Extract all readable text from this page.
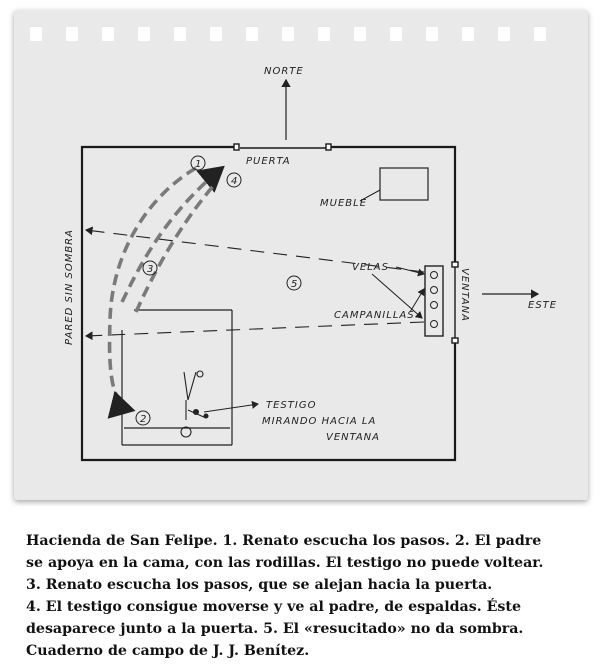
NORTE
ESTE
PUERTA
VENTANA
PARED SIN SOMBRA
MUEBLE
VELAS
CAMPANILLAS
TESTIGO
MIRANDO HACIA LA
VENTANA
1
2
3
4
5

Hacienda de San Felipe. 1. Renato escucha los pasos. 2. El padre

se apoya en la cama, con las rodillas. El testigo no puede voltear.

3. Renato escucha los pasos, que se alejan hacia la puerta.

4. El testigo consigue moverse y ve al padre, de espaldas. Éste

desaparece junto a la puerta. 5. El «resucitado» no da sombra.

Cuaderno de campo de J. J. Benítez.
